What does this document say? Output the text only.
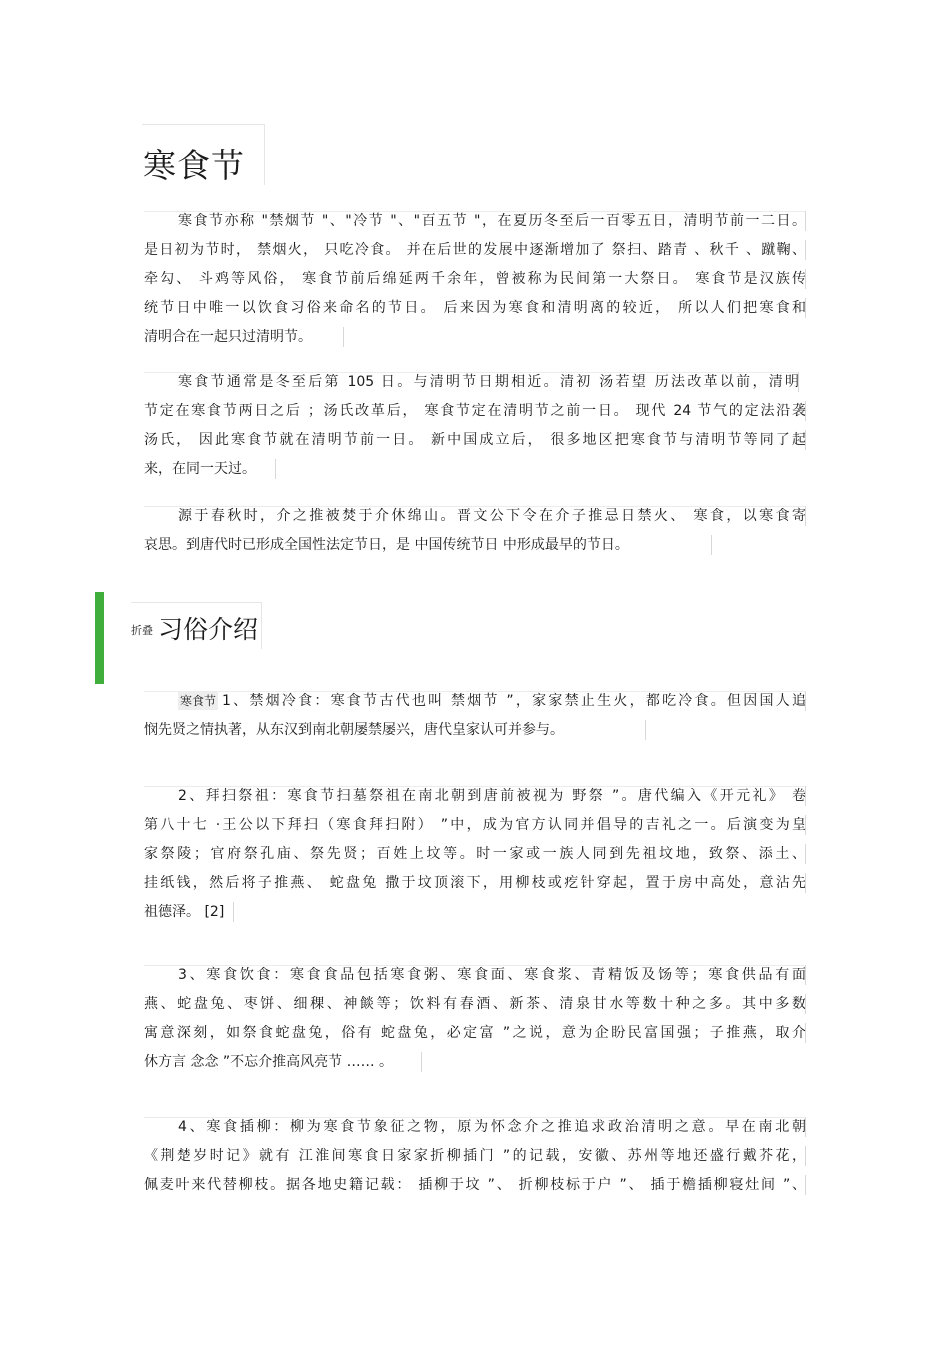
寒食节
寒食节亦称 "禁烟节 "、"冷节 "、"百五节 "，在夏历冬至后一百零五日，清明节前一二日。
是日初为节时， 禁烟火， 只吃冷食。 并在后世的发展中逐渐增加了 祭扫、踏青 、秋千 、蹴鞠、
牵勾、 斗鸡等风俗， 寒食节前后绵延两千余年，曾被称为民间第一大祭日。 寒食节是汉族传
统节日中唯一以饮食习俗来命名的节日。 后来因为寒食和清明离的较近， 所以人们把寒食和
清明合在一起只过清明节。
寒食节通常是冬至后第 105 日。与清明节日期相近。清初 汤若望 历法改革以前，清明
节定在寒食节两日之后 ；汤氏改革后， 寒食节定在清明节之前一日。 现代 24 节气的定法沿袭
汤氏， 因此寒食节就在清明节前一日。 新中国成立后， 很多地区把寒食节与清明节等同了起
来，在同一天过。
源于春秋时，介之推被焚于介休绵山。晋文公下令在介子推忌日禁火、 寒食，以寒食寄
哀思。到唐代时已形成全国性法定节日，是 中国传统节日 中形成最早的节日。
折叠 习俗介绍
寒食节 1、禁烟冷食：寒食节古代也叫 禁烟节 ”，家家禁止生火，都吃冷食。但因国人追
悯先贤之情执著，从东汉到南北朝屡禁屡兴，唐代皇家认可并参与。
2、拜扫祭祖：寒食节扫墓祭祖在南北朝到唐前被视为 野祭 ”。唐代编入《开元礼》 卷
第八十七 ·王公以下拜扫（寒食拜扫附） ”中，成为官方认同并倡导的吉礼之一。后演变为皇
家祭陵；官府祭孔庙、祭先贤；百姓上坟等。时一家或一族人同到先祖坟地，致祭、添土、
挂纸钱，然后将子推燕、 蛇盘兔 撒于坟顶滚下，用柳枝或疙针穿起，置于房中高处，意沾先
祖德泽。 [2]
3、寒食饮食：寒食食品包括寒食粥、寒食面、寒食浆、青精饭及饧等；寒食供品有面
燕、蛇盘兔、枣饼、细稞、神餤等；饮料有春酒、新茶、清泉甘水等数十种之多。其中多数
寓意深刻，如祭食蛇盘兔，俗有 蛇盘兔，必定富 ”之说，意为企盼民富国强；子推燕，取介
休方言 念念 ”不忘介推高风亮节 …… 。
4、寒食插柳：柳为寒食节象征之物，原为怀念介之推追求政治清明之意。早在南北朝
《荆楚岁时记》就有 江淮间寒食日家家折柳插门 ”的记载，安徽、苏州等地还盛行戴芥花，
佩麦叶来代替柳枝。据各地史籍记载： 插柳于坟 ”、 折柳枝标于户 ”、 插于檐插柳寝灶间 ”、
